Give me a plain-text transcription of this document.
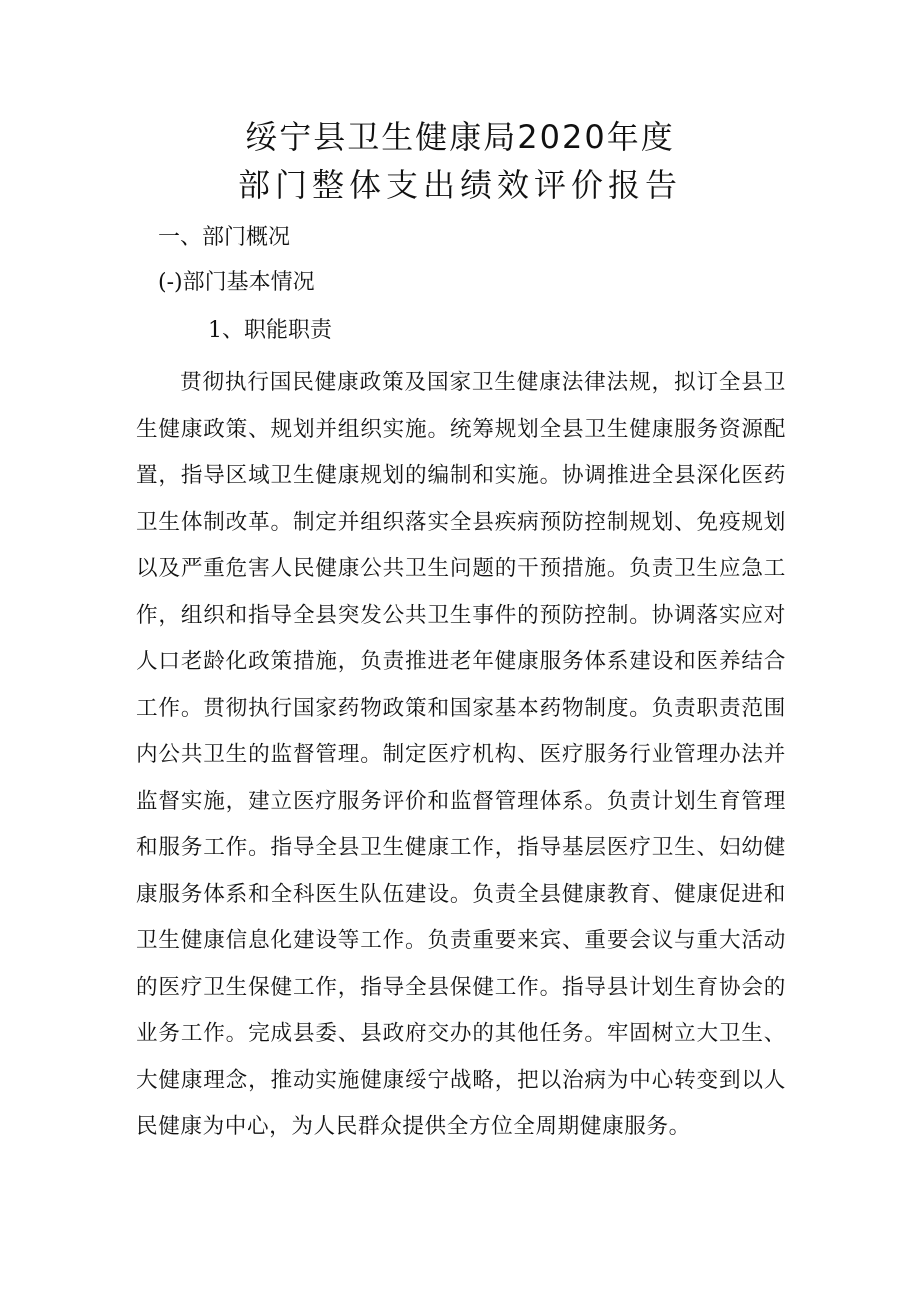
绥宁县卫生健康局2020年度
部门整体支出绩效评价报告

一、部门概况

(-)部门基本情况

1、职能职责

贯彻执行国民健康政策及国家卫生健康法律法规，拟订全县卫生健康政策、规划并组织实施。统筹规划全县卫生健康服务资源配置，指导区域卫生健康规划的编制和实施。协调推进全县深化医药卫生体制改革。制定并组织落实全县疾病预防控制规划、免疫规划以及严重危害人民健康公共卫生问题的干预措施。负责卫生应急工作，组织和指导全县突发公共卫生事件的预防控制。协调落实应对人口老龄化政策措施，负责推进老年健康服务体系建设和医养结合工作。贯彻执行国家药物政策和国家基本药物制度。负责职责范围内公共卫生的监督管理。制定医疗机构、医疗服务行业管理办法并监督实施，建立医疗服务评价和监督管理体系。负责计划生育管理和服务工作。指导全县卫生健康工作，指导基层医疗卫生、妇幼健康服务体系和全科医生队伍建设。负责全县健康教育、健康促进和卫生健康信息化建设等工作。负责重要来宾、重要会议与重大活动的医疗卫生保健工作，指导全县保健工作。指导县计划生育协会的业务工作。完成县委、县政府交办的其他任务。牢固树立大卫生、大健康理念，推动实施健康绥宁战略，把以治病为中心转变到以人民健康为中心，为人民群众提供全方位全周期健康服务。
